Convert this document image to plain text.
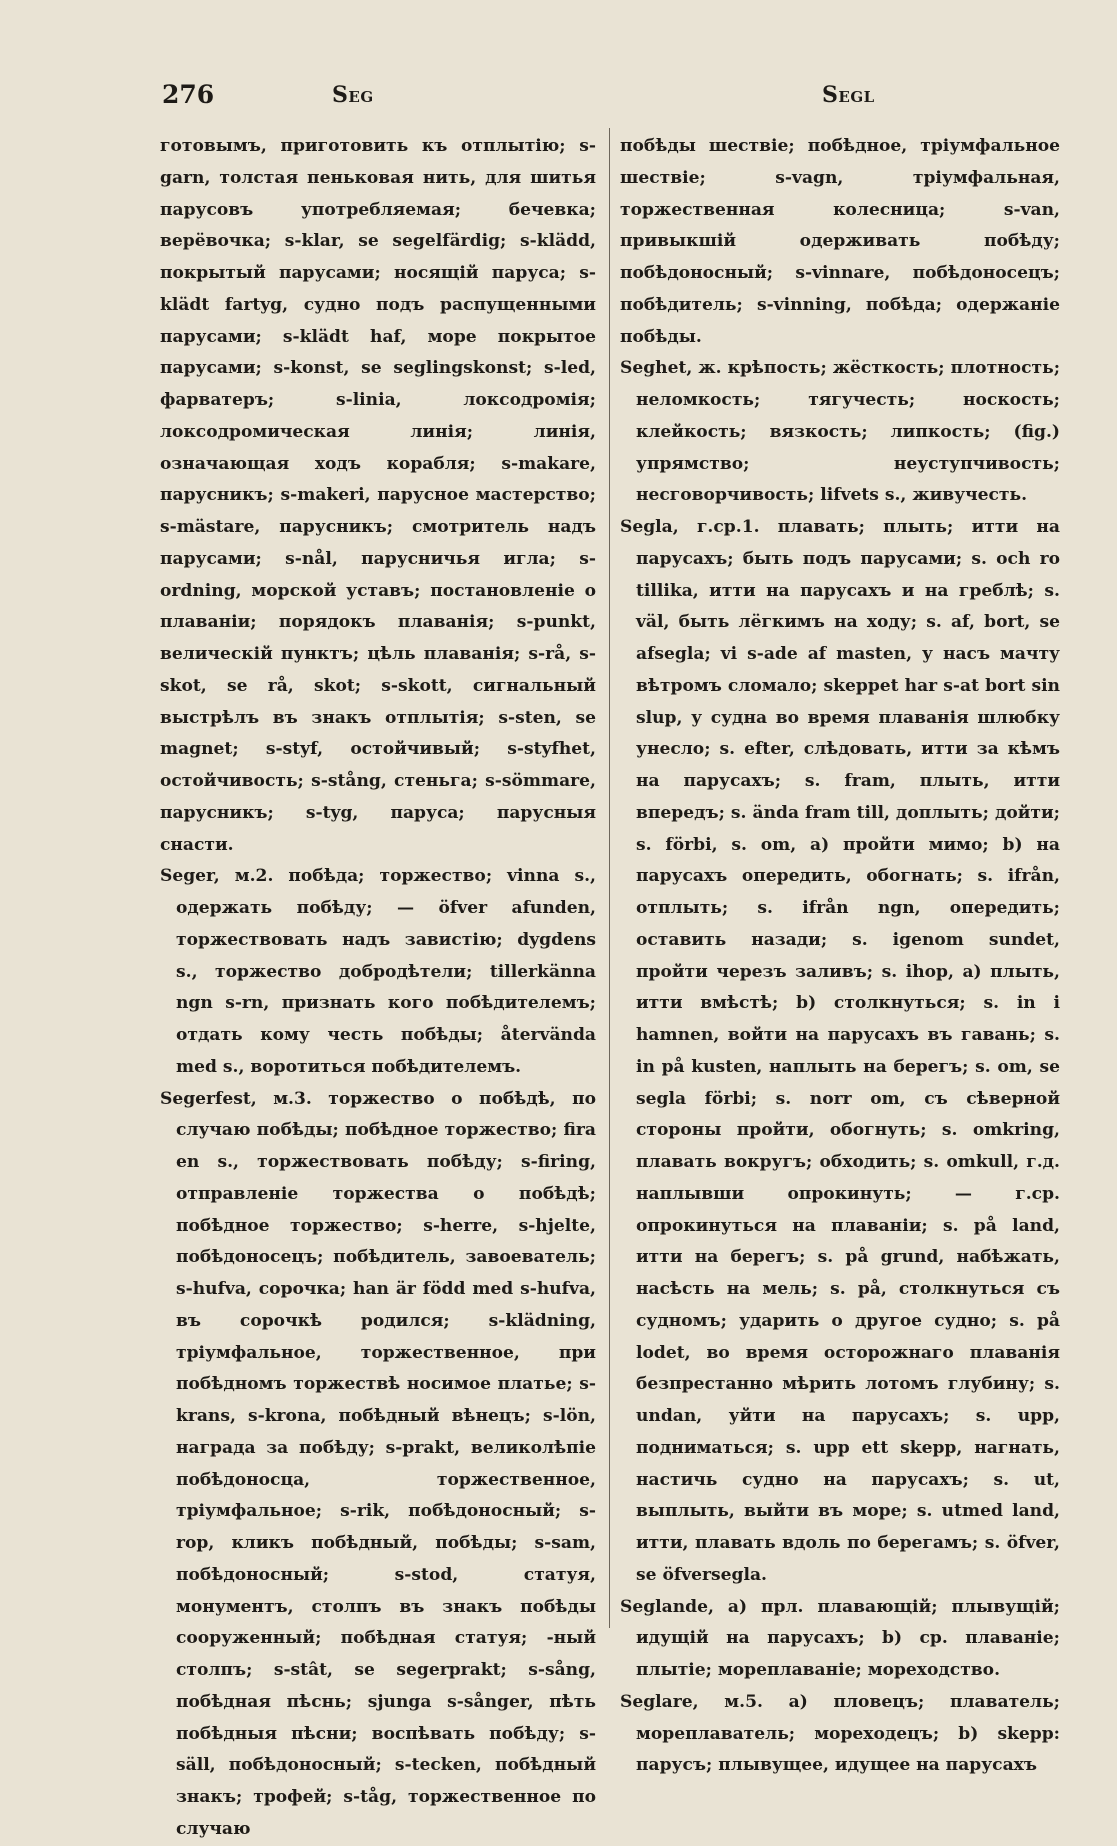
276	Seg	Segl

готовымъ, приготовить къ отплытію; s-garn, толстая пеньковая нить, для шитья парусовъ употребляемая; бечевка; верёвочка; s-klar, se segelfärdig; s-klädd, покрытый парусами; носящій паруса; s-klädt fartyg, судно подъ распущенными парусами; s-klädt haf, море покрытое парусами; s-konst, se seglingskonst; s-led, фарватеръ; s-linia, локсодромія; локсодромическая линія; линія, означающая ходъ корабля; s-makare, парусникъ; s-makeri, парусное мастерство; s-mästare, парусникъ; смотритель надъ парусами; s-nål, парусничья игла; s-ordning, морской уставъ; постановленіе о плаваніи; порядокъ плаванія; s-punkt, велическій пунктъ; цѣль плаванія; s-rå, s-skot, se rå, skot; s-skott, сигнальный выстрѣлъ въ знакъ отплытія; s-sten, se magnet; s-styf, остойчивый; s-styfhet, остойчивость; s-stång, стеньга; s-sömmare, парусникъ; s-tyg, паруса; парусныя снасти.

Seger, м.2. побѣда; торжество; vinna s., одержать побѣду; — öfver afunden, торжествовать надъ завистію; dygdens s., торжество добродѣтели; tillerkänna ngn s-rn, признать кого побѣдителемъ; отдать кому честь побѣды; återvända med s., воротиться побѣдителемъ.

Segerfest, м.3. торжество о побѣдѣ, по случаю побѣды; побѣдное торжество; fira en s., торжествовать побѣду; s-firing, отправленіе торжества о побѣдѣ; побѣдное торжество; s-herre, s-hjelte, побѣдоносецъ; побѣдитель, завоеватель; s-hufva, сорочка; han är född med s-hufva, въ сорочкѣ родился; s-klädning, тріумфальное, торжественное, при побѣдномъ торжествѣ носимое платье; s-krans, s-krona, побѣдный вѣнецъ; s-lön, награда за побѣду; s-prakt, великолѣпіе побѣдоносца, торжественное, тріумфальное; s-rik, побѣдоносный; s-rop, кликъ побѣдный, побѣды; s-sam, побѣдоносный; s-stod, статуя, монументъ, столпъ въ знакъ побѣды сооруженный; побѣдная статуя; -ный столпъ; s-stât, se segerprakt; s-sång, побѣдная пѣснь; sjunga s-sånger, пѣть побѣдныя пѣсни; воспѣвать побѣду; s-säll, побѣдоносный; s-tecken, побѣдный знакъ; трофей; s-tåg, торжественное по случаю

побѣды шествіе; побѣдное, тріумфальное шествіе; s-vagn, тріумфальная, торжественная колесница; s-van, привыкшій одерживать побѣду; побѣдоносный; s-vinnare, побѣдоносецъ; побѣдитель; s-vinning, побѣда; одержаніе побѣды.

Seghet, ж. крѣпость; жёсткость; плотность; неломкость; тягучесть; носкость; клейкость; вязкость; липкость; (fig.) упрямство; неуступчивость; несговорчивость; lifvets s., живучесть.

Segla, г.ср.1. плавать; плыть; итти на парусахъ; быть подъ парусами; s. och ro tillika, итти на парусахъ и на греблѣ; s. väl, быть лёгкимъ на ходу; s. af, bort, se afsegla; vi s-ade af masten, у насъ мачту вѣтромъ сломало; skeppet har s-at bort sin slup, у судна во время плаванія шлюбку унесло; s. efter, слѣдовать, итти за кѣмъ на парусахъ; s. fram, плыть, итти впередъ; s. ända fram till, доплыть; дойти; s. förbi, s. om, a) пройти мимо; b) на парусахъ опередить, обогнать; s. ifrån, отплыть; s. ifrån ngn, опередить; оставить назади; s. igenom sundet, пройти черезъ заливъ; s. ihop, a) плыть, итти вмѣстѣ; b) столкнуться; s. in i hamnen, войти на парусахъ въ гавань; s. in på kusten, наплыть на берегъ; s. om, se segla förbi; s. norr om, съ сѣверной стороны пройти, обогнуть; s. omkring, плавать вокругъ; обходить; s. omkull, г.д. наплывши опрокинуть; — г.ср. опрокинуться на плаваніи; s. på land, итти на берегъ; s. på grund, набѣжать, насѣсть на мель; s. på, столкнуться съ судномъ; ударить о другое судно; s. på lodet, во время осторожнаго плаванія безпрестанно мѣрить лотомъ глубину; s. undan, уйти на парусахъ; s. upp, подниматься; s. upp ett skepp, нагнать, настичь судно на парусахъ; s. ut, выплыть, выйти въ море; s. utmed land, итти, плавать вдоль по берегамъ; s. öfver, se öfversegla.

Seglande, a) прл. плавающій; плывущій; идущій на парусахъ; b) ср. плаваніе; плытіе; мореплаваніе; мореходство.

Seglare, м.5. a) пловецъ; плаватель; мореплаватель; мореходецъ; b) skepp: парусъ; плывущее, идущее на парусахъ
